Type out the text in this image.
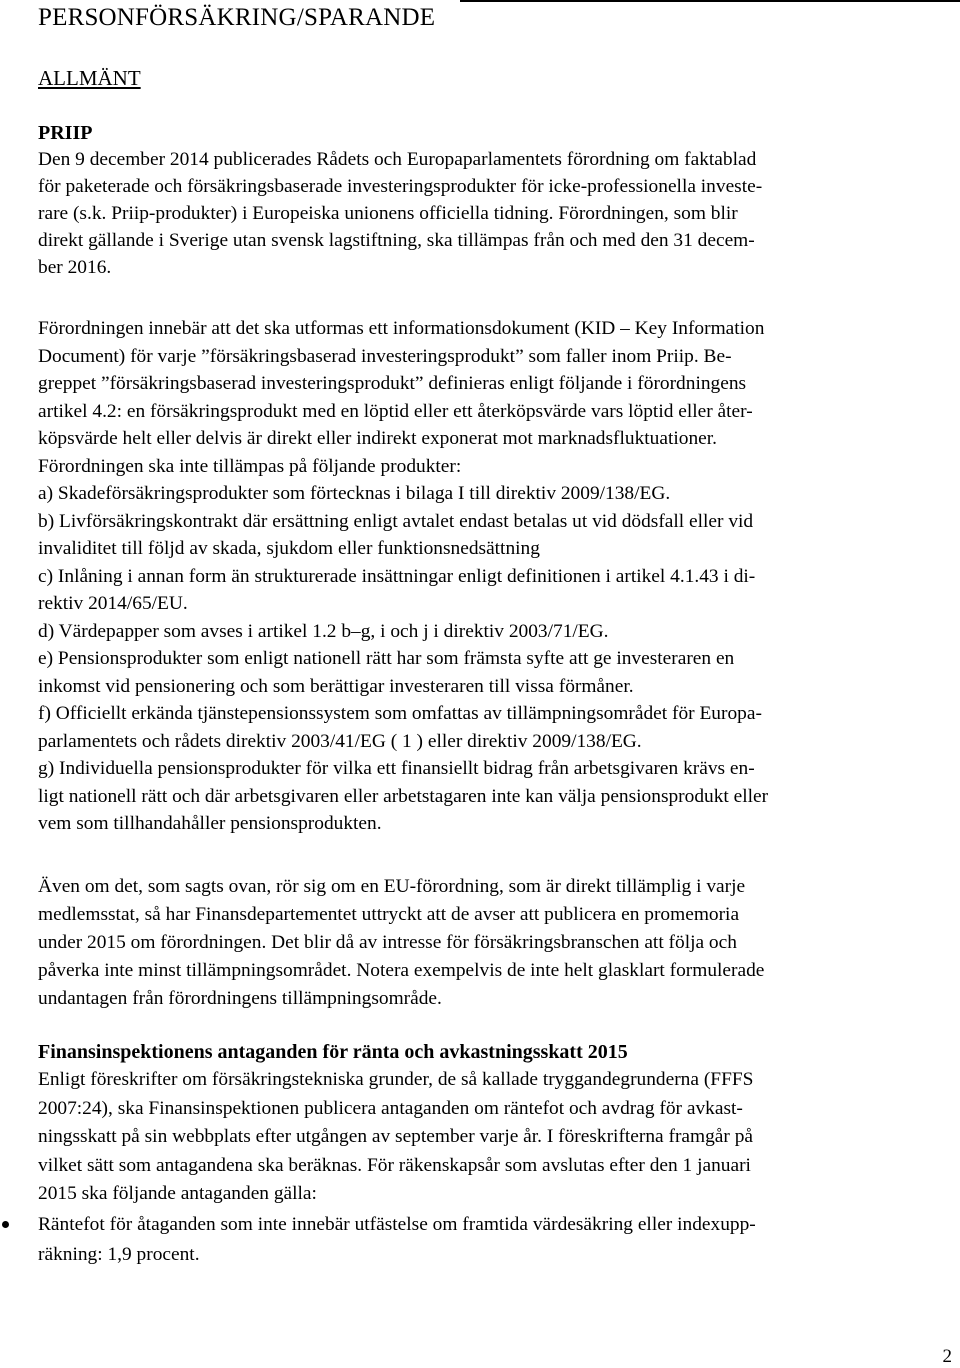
PERSONFÖRSÄKRING/SPARANDE
ALLMÄNT
PRIIP
Den 9 december 2014 publicerades Rådets och Europaparlamentets förordning om faktablad
för paketerade och försäkringsbaserade investeringsprodukter för icke-professionella investe-
rare (s.k. Priip-produkter) i Europeiska unionens officiella tidning. Förordningen, som blir
direkt gällande i Sverige utan svensk lagstiftning, ska tillämpas från och med den 31 decem-
ber 2016.
Förordningen innebär att det ska utformas ett informationsdokument (KID – Key Information
Document) för varje ”försäkringsbaserad investeringsprodukt” som faller inom Priip. Be-
greppet ”försäkringsbaserad investeringsprodukt” definieras enligt följande i förordningens
artikel 4.2: en försäkringsprodukt med en löptid eller ett återköpsvärde vars löptid eller åter-
köpsvärde helt eller delvis är direkt eller indirekt exponerat mot marknadsfluktuationer.
Förordningen ska inte tillämpas på följande produkter:
a) Skadeförsäkringsprodukter som förtecknas i bilaga I till direktiv 2009/138/EG.
b) Livförsäkringskontrakt där ersättning enligt avtalet endast betalas ut vid dödsfall eller vid
invaliditet till följd av skada, sjukdom eller funktionsnedsättning
c) Inlåning i annan form än strukturerade insättningar enligt definitionen i artikel 4.1.43 i di-
rektiv 2014/65/EU.
d) Värdepapper som avses i artikel 1.2 b–g, i och j i direktiv 2003/71/EG.
e) Pensionsprodukter som enligt nationell rätt har som främsta syfte att ge investeraren en
inkomst vid pensionering och som berättigar investeraren till vissa förmåner.
f) Officiellt erkända tjänstepensionssystem som omfattas av tillämpningsområdet för Europa-
parlamentets och rådets direktiv 2003/41/EG ( 1 ) eller direktiv 2009/138/EG.
g) Individuella pensionsprodukter för vilka ett finansiellt bidrag från arbetsgivaren krävs en-
ligt nationell rätt och där arbetsgivaren eller arbetstagaren inte kan välja pensionsprodukt eller
vem som tillhandahåller pensionsprodukten.
Även om det, som sagts ovan, rör sig om en EU-förordning, som är direkt tillämplig i varje
medlemsstat, så har Finansdepartementet uttryckt att de avser att publicera en promemoria
under 2015 om förordningen. Det blir då av intresse för försäkringsbranschen att följa och
påverka inte minst tillämpningsområdet. Notera exempelvis de inte helt glasklart formulerade
undantagen från förordningens tillämpningsområde.
Finansinspektionens antaganden för ränta och avkastningsskatt 2015
Enligt föreskrifter om försäkringstekniska grunder, de så kallade tryggandegrunderna (FFFS
2007:24), ska Finansinspektionen publicera antaganden om räntefot och avdrag för avkast-
ningsskatt på sin webbplats efter utgången av september varje år. I föreskrifterna framgår på
vilket sätt som antagandena ska beräknas. För räkenskapsår som avslutas efter den 1 januari
2015 ska följande antaganden gälla:
Räntefot för åtaganden som inte innebär utfästelse om framtida värdesäkring eller indexupp-
räkning: 1,9 procent.
2
